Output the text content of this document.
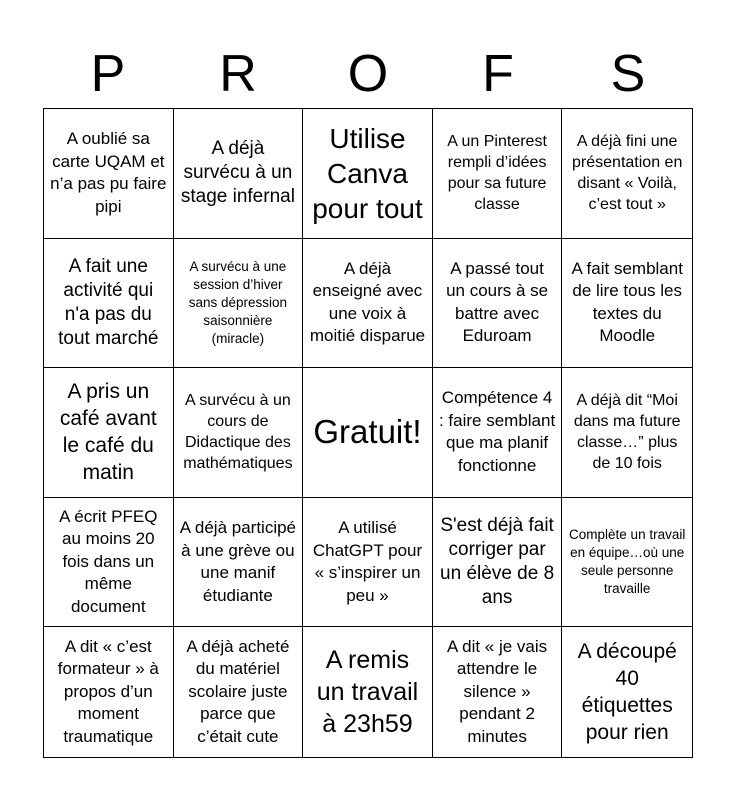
P	R	O	F	S
A oublié sa carte UQAM et n’a pas pu faire pipi
A déjà survécu à un stage infernal
Utilise Canva pour tout
A un Pinterest rempli d’idées pour sa future classe
A déjà fini une présentation en disant « Voilà, c’est tout »
A fait une activité qui n'a pas du tout marché
A survécu à une session d’hiver sans dépression saisonnière (miracle)
A déjà enseigné avec une voix à moitié disparue
A passé tout un cours à se battre avec Eduroam
A fait semblant de lire tous les textes du Moodle
A pris un café avant le café du matin
A survécu à un cours de Didactique des mathématiques
Gratuit!
Compétence 4 : faire semblant que ma planif fonctionne
A déjà dit “Moi dans ma future classe…” plus de 10 fois
A écrit PFEQ au moins 20 fois dans un même document
A déjà participé à une grève ou une manif étudiante
A utilisé ChatGPT pour « s’inspirer un peu »
S'est déjà fait corriger par un élève de 8 ans
Complète un travail en équipe…où une seule personne travaille
A dit « c’est formateur » à propos d’un moment traumatique
A déjà acheté du matériel scolaire juste parce que c’était cute
A remis un travail à 23h59
A dit « je vais attendre le silence » pendant 2 minutes
A découpé 40 étiquettes pour rien
